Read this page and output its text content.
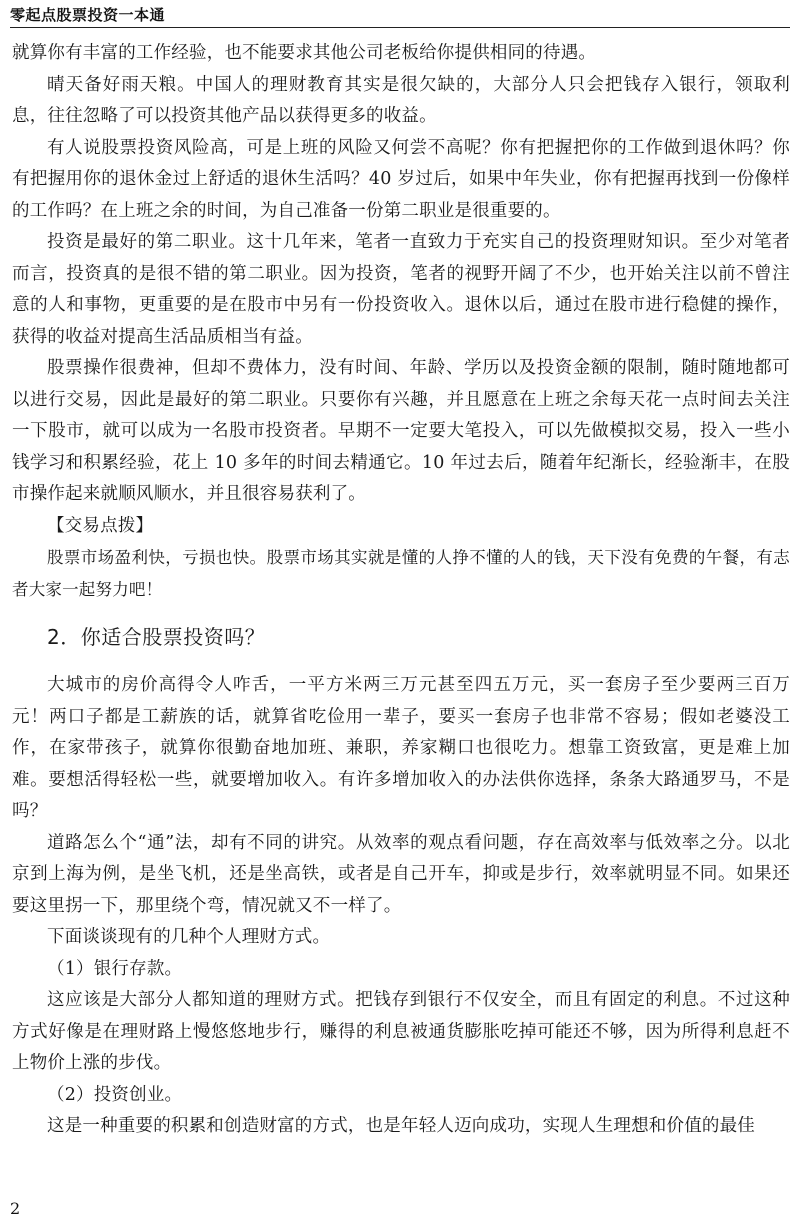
零起点股票投资一本通

就算你有丰富的工作经验，也不能要求其他公司老板给你提供相同的待遇。

晴天备好雨天粮。中国人的理财教育其实是很欠缺的，大部分人只会把钱存入银行，领取利息，往往忽略了可以投资其他产品以获得更多的收益。

有人说股票投资风险高，可是上班的风险又何尝不高呢？你有把握把你的工作做到退休吗？你有把握用你的退休金过上舒适的退休生活吗？40 岁过后，如果中年失业，你有把握再找到一份像样的工作吗？在上班之余的时间，为自己准备一份第二职业是很重要的。

投资是最好的第二职业。这十几年来，笔者一直致力于充实自己的投资理财知识。至少对笔者而言，投资真的是很不错的第二职业。因为投资，笔者的视野开阔了不少，也开始关注以前不曾注意的人和事物，更重要的是在股市中另有一份投资收入。退休以后，通过在股市进行稳健的操作，获得的收益对提高生活品质相当有益。

股票操作很费神，但却不费体力，没有时间、年龄、学历以及投资金额的限制，随时随地都可以进行交易，因此是最好的第二职业。只要你有兴趣，并且愿意在上班之余每天花一点时间去关注一下股市，就可以成为一名股市投资者。早期不一定要大笔投入，可以先做模拟交易，投入一些小钱学习和积累经验，花上 10 多年的时间去精通它。10 年过去后，随着年纪渐长，经验渐丰，在股市操作起来就顺风顺水，并且很容易获利了。

【交易点拨】

股票市场盈利快，亏损也快。股票市场其实就是懂的人挣不懂的人的钱，天下没有免费的午餐，有志者大家一起努力吧！

2．你适合股票投资吗？

大城市的房价高得令人咋舌，一平方米两三万元甚至四五万元，买一套房子至少要两三百万元！两口子都是工薪族的话，就算省吃俭用一辈子，要买一套房子也非常不容易；假如老婆没工作，在家带孩子，就算你很勤奋地加班、兼职，养家糊口也很吃力。想靠工资致富，更是难上加难。要想活得轻松一些，就要增加收入。有许多增加收入的办法供你选择，条条大路通罗马，不是吗？

道路怎么个“通”法，却有不同的讲究。从效率的观点看问题，存在高效率与低效率之分。以北京到上海为例，是坐飞机，还是坐高铁，或者是自己开车，抑或是步行，效率就明显不同。如果还要这里拐一下，那里绕个弯，情况就又不一样了。

下面谈谈现有的几种个人理财方式。

（1）银行存款。

这应该是大部分人都知道的理财方式。把钱存到银行不仅安全，而且有固定的利息。不过这种方式好像是在理财路上慢悠悠地步行，赚得的利息被通货膨胀吃掉可能还不够，因为所得利息赶不上物价上涨的步伐。

（2）投资创业。

这是一种重要的积累和创造财富的方式，也是年轻人迈向成功，实现人生理想和价值的最佳

2
